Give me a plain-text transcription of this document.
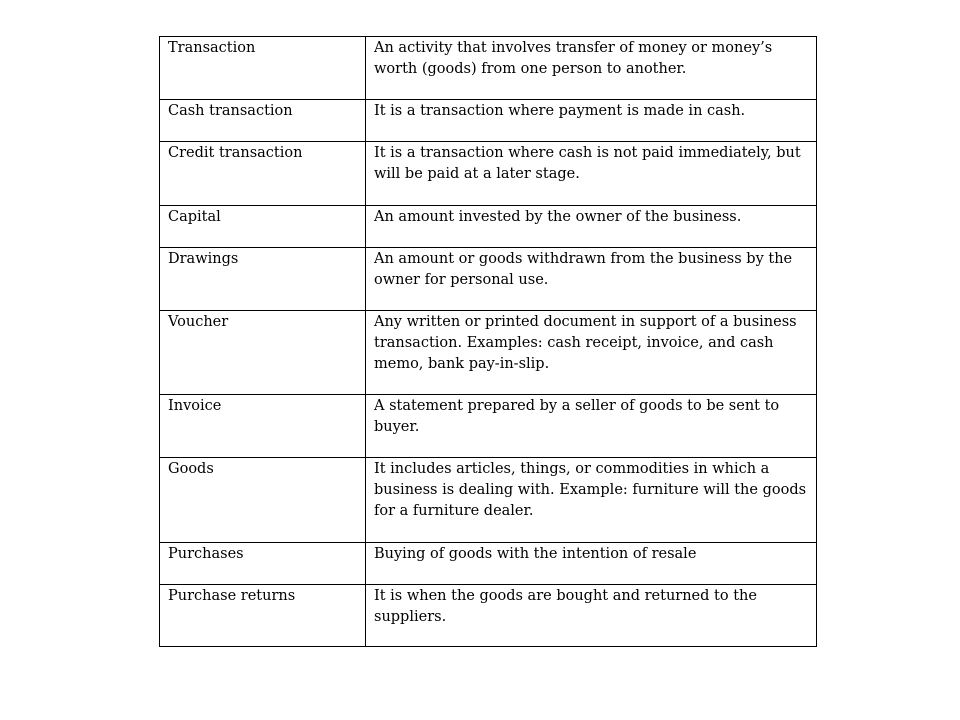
Transaction	An activity that involves transfer of money or money’s worth (goods) from one person to another.
Cash transaction	It is a transaction where payment is made in cash.
Credit transaction	It is a transaction where cash is not paid immediately, but will be paid at a later stage.
Capital	An amount invested by the owner of the business.
Drawings	An amount or goods withdrawn from the business by the owner for personal use.
Voucher	Any written or printed document in support of a business transaction. Examples: cash receipt, invoice, and cash memo, bank pay-in-slip.
Invoice	A statement prepared by a seller of goods to be sent to buyer.
Goods	It includes articles, things, or commodities in which a business is dealing with. Example: furniture will the goods for a furniture dealer.
Purchases	Buying of goods with the intention of resale
Purchase returns	It is when the goods are bought and returned to the suppliers.
